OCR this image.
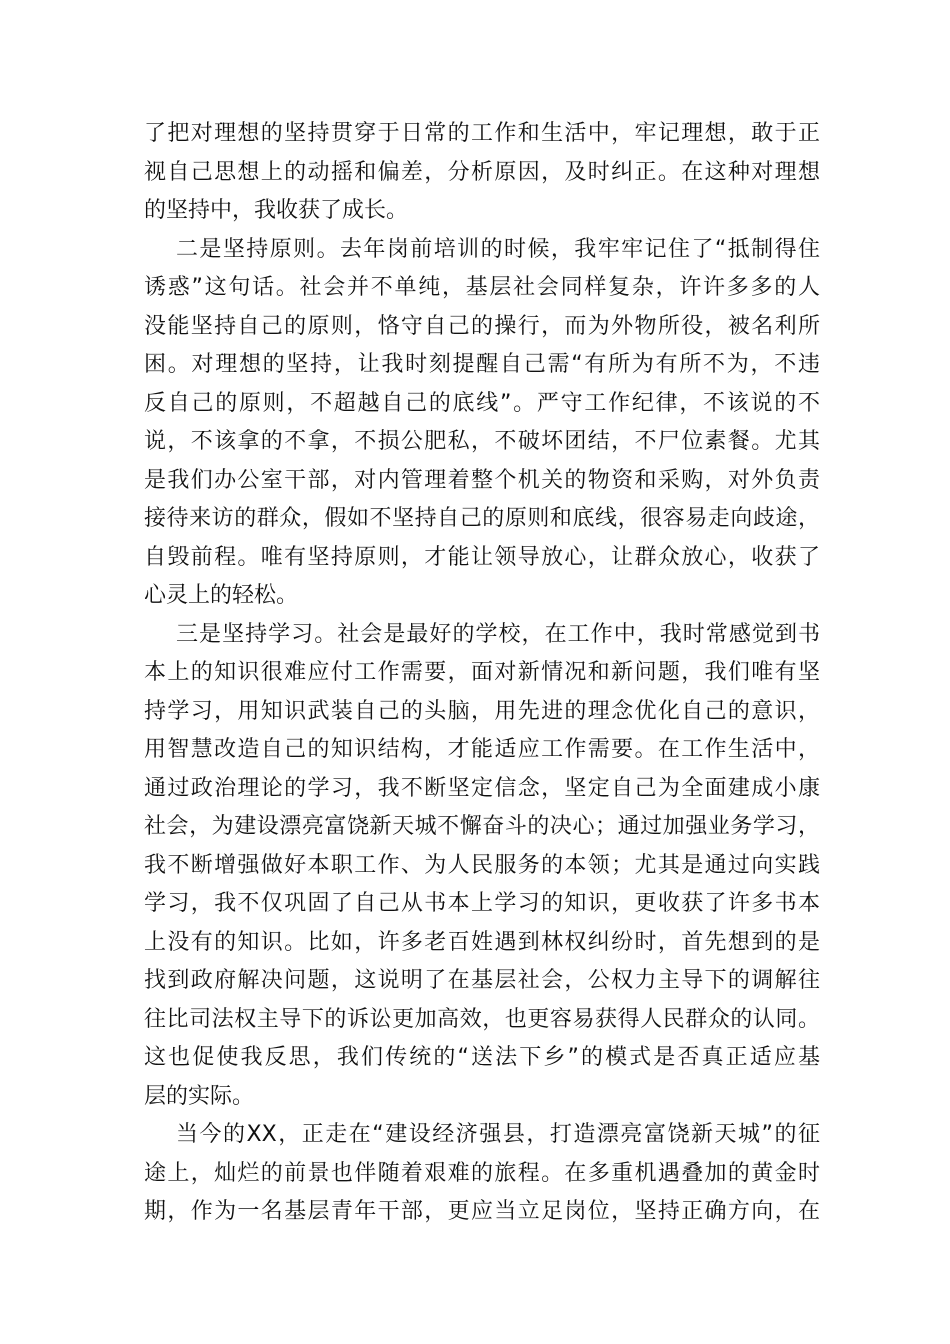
了把对理想的坚持贯穿于日常的工作和生活中，牢记理想，敢于正
视自己思想上的动摇和偏差，分析原因，及时纠正。在这种对理想
的坚持中，我收获了成长。
二是坚持原则。去年岗前培训的时候，我牢牢记住了“抵制得住
诱惑”这句话。社会并不单纯，基层社会同样复杂，许许多多的人
没能坚持自己的原则，恪守自己的操行，而为外物所役，被名利所
困。对理想的坚持，让我时刻提醒自己需“有所为有所不为，不违
反自己的原则，不超越自己的底线”。严守工作纪律，不该说的不
说，不该拿的不拿，不损公肥私，不破坏团结，不尸位素餐。尤其
是我们办公室干部，对内管理着整个机关的物资和采购，对外负责
接待来访的群众，假如不坚持自己的原则和底线，很容易走向歧途，
自毁前程。唯有坚持原则，才能让领导放心，让群众放心，收获了
心灵上的轻松。
三是坚持学习。社会是最好的学校，在工作中，我时常感觉到书
本上的知识很难应付工作需要，面对新情况和新问题，我们唯有坚
持学习，用知识武装自己的头脑，用先进的理念优化自己的意识，
用智慧改造自己的知识结构，才能适应工作需要。在工作生活中，
通过政治理论的学习，我不断坚定信念，坚定自己为全面建成小康
社会，为建设漂亮富饶新天城不懈奋斗的决心；通过加强业务学习，
我不断增强做好本职工作、为人民服务的本领；尤其是通过向实践
学习，我不仅巩固了自己从书本上学习的知识，更收获了许多书本
上没有的知识。比如，许多老百姓遇到林权纠纷时，首先想到的是
找到政府解决问题，这说明了在基层社会，公权力主导下的调解往
往比司法权主导下的诉讼更加高效，也更容易获得人民群众的认同。
这也促使我反思，我们传统的“送法下乡”的模式是否真正适应基
层的实际。
当今的XX，正走在“建设经济强县，打造漂亮富饶新天城”的征
途上，灿烂的前景也伴随着艰难的旅程。在多重机遇叠加的黄金时
期，作为一名基层青年干部，更应当立足岗位，坚持正确方向，在
